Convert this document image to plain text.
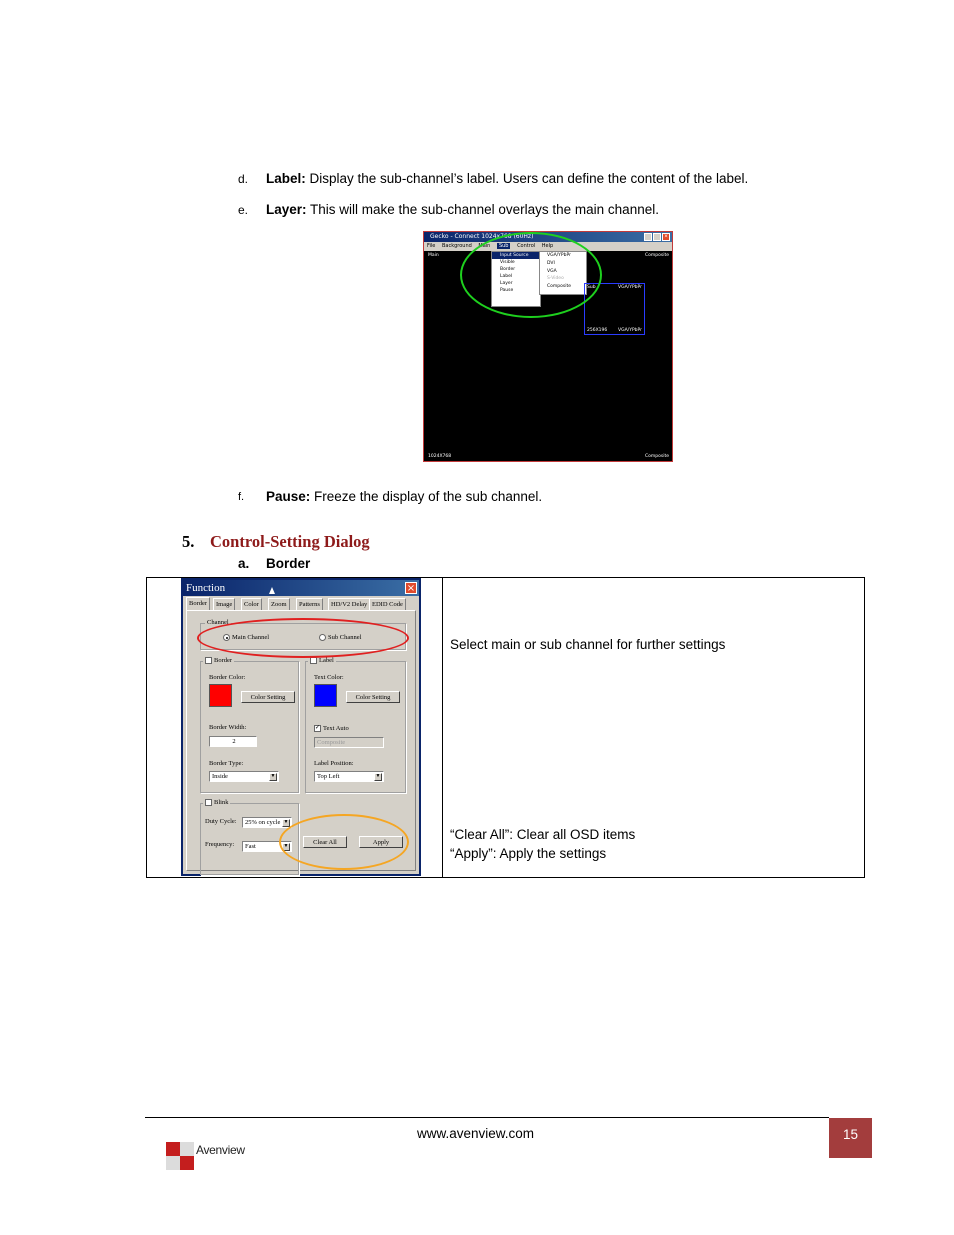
d. Label: Display the sub-channel’s label. Users can define the content of the label.
e. Layer: This will make the sub-channel overlays the main channel.
Gecko - Connect 1024x768 (60Hz)	×
File Background Main Sub Control Help
Main	Composite
1024X768	Composite
Input Source
Visible
Border
Label
Layer
Pause
VGA/YPbPr
DVI
VGA
S-Video
Composite	Sub	VGA/YPbPr
256X196 VGA/YPbPr
f. Pause: Freeze the display of the sub channel.
5. Control-Setting Dialog
a. Border
Select main or sub channel for further settings
“Clear All”: Clear all OSD items
“Apply”: Apply the settings
Function	×
Border	Image	Color	Zoom	Patterns	HD/V2 Delay EDID Code
Channel
Main Channel	Sub Channel
Border
Border Color:
Color Setting
Border Width:
2
Border Type:
Inside	▼
Label
Text Color:
Color Setting
✓ Text Auto
Composite
Label Position:
Top Left	▼
Blink
Duty Cycle:	25% on cycle ▼
Frequency:	Fast	▼
Clear All	Apply
www.avenview.com	15
Avenview
